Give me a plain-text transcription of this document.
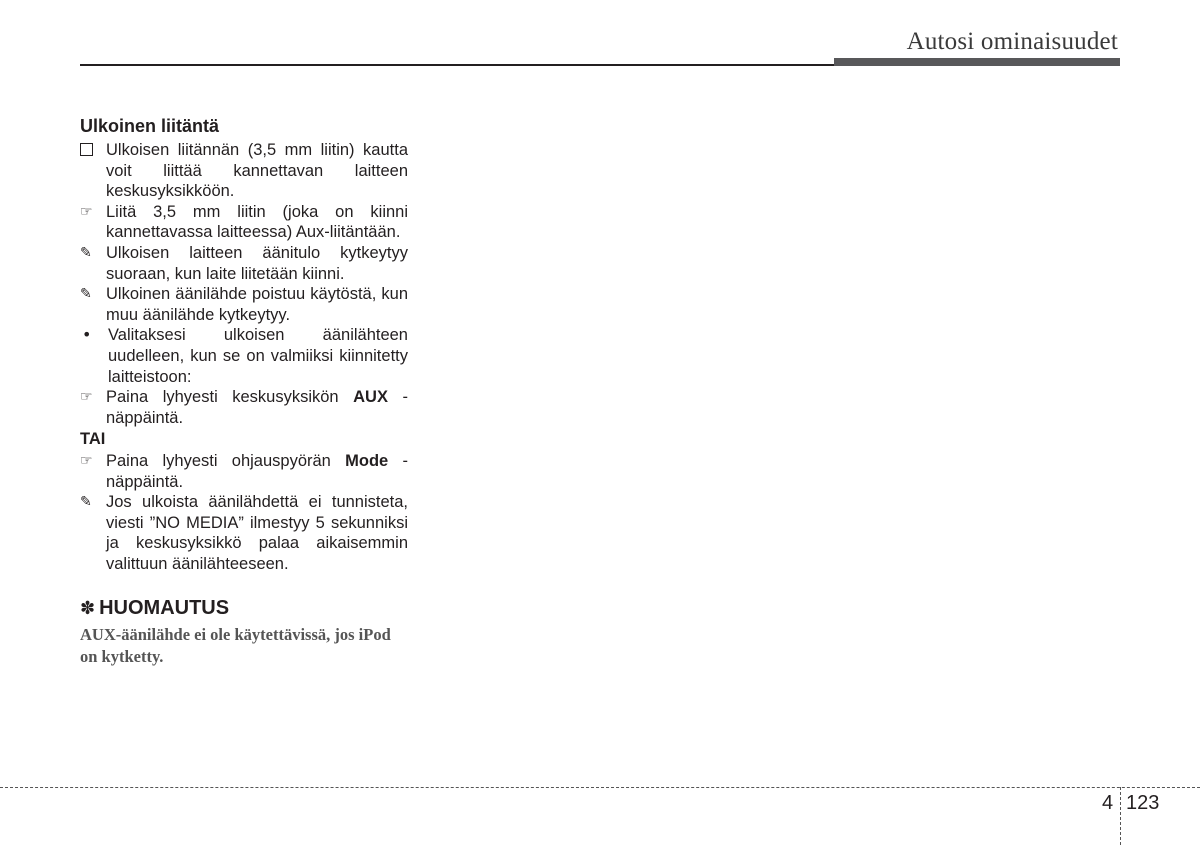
Autosi ominaisuudet
Ulkoinen liitäntä
Ulkoisen liitännän (3,5 mm liitin) kautta voit liittää kannettavan laitteen keskusyksikköön.
☞ Liitä 3,5 mm liitin (joka on kiinni kannettavassa laitteessa) Aux-liitäntään.
✎ Ulkoisen laitteen äänitulo kytkeytyy suoraan, kun laite liitetään kiinni.
✎ Ulkoinen äänilähde poistuu käytöstä, kun muu äänilähde kytkeytyy.
•	Valitaksesi ulkoisen äänilähteen uudelleen, kun se on valmiiksi kiinnitetty laitteistoon:
☞ Paina lyhyesti keskusyksikön AUX - näppäintä.
TAI
☞ Paina lyhyesti ohjauspyörän Mode - näppäintä.
✎ Jos ulkoista äänilähdettä ei tunnisteta, viesti ”NO MEDIA” ilmestyy 5 sekunniksi ja keskusyksikkö palaa aikaisemmin valittuun äänilähteeseen.
✽ HUOMAUTUS
AUX-äänilähde ei ole käytettävissä, jos iPod on kytketty.
4 123
